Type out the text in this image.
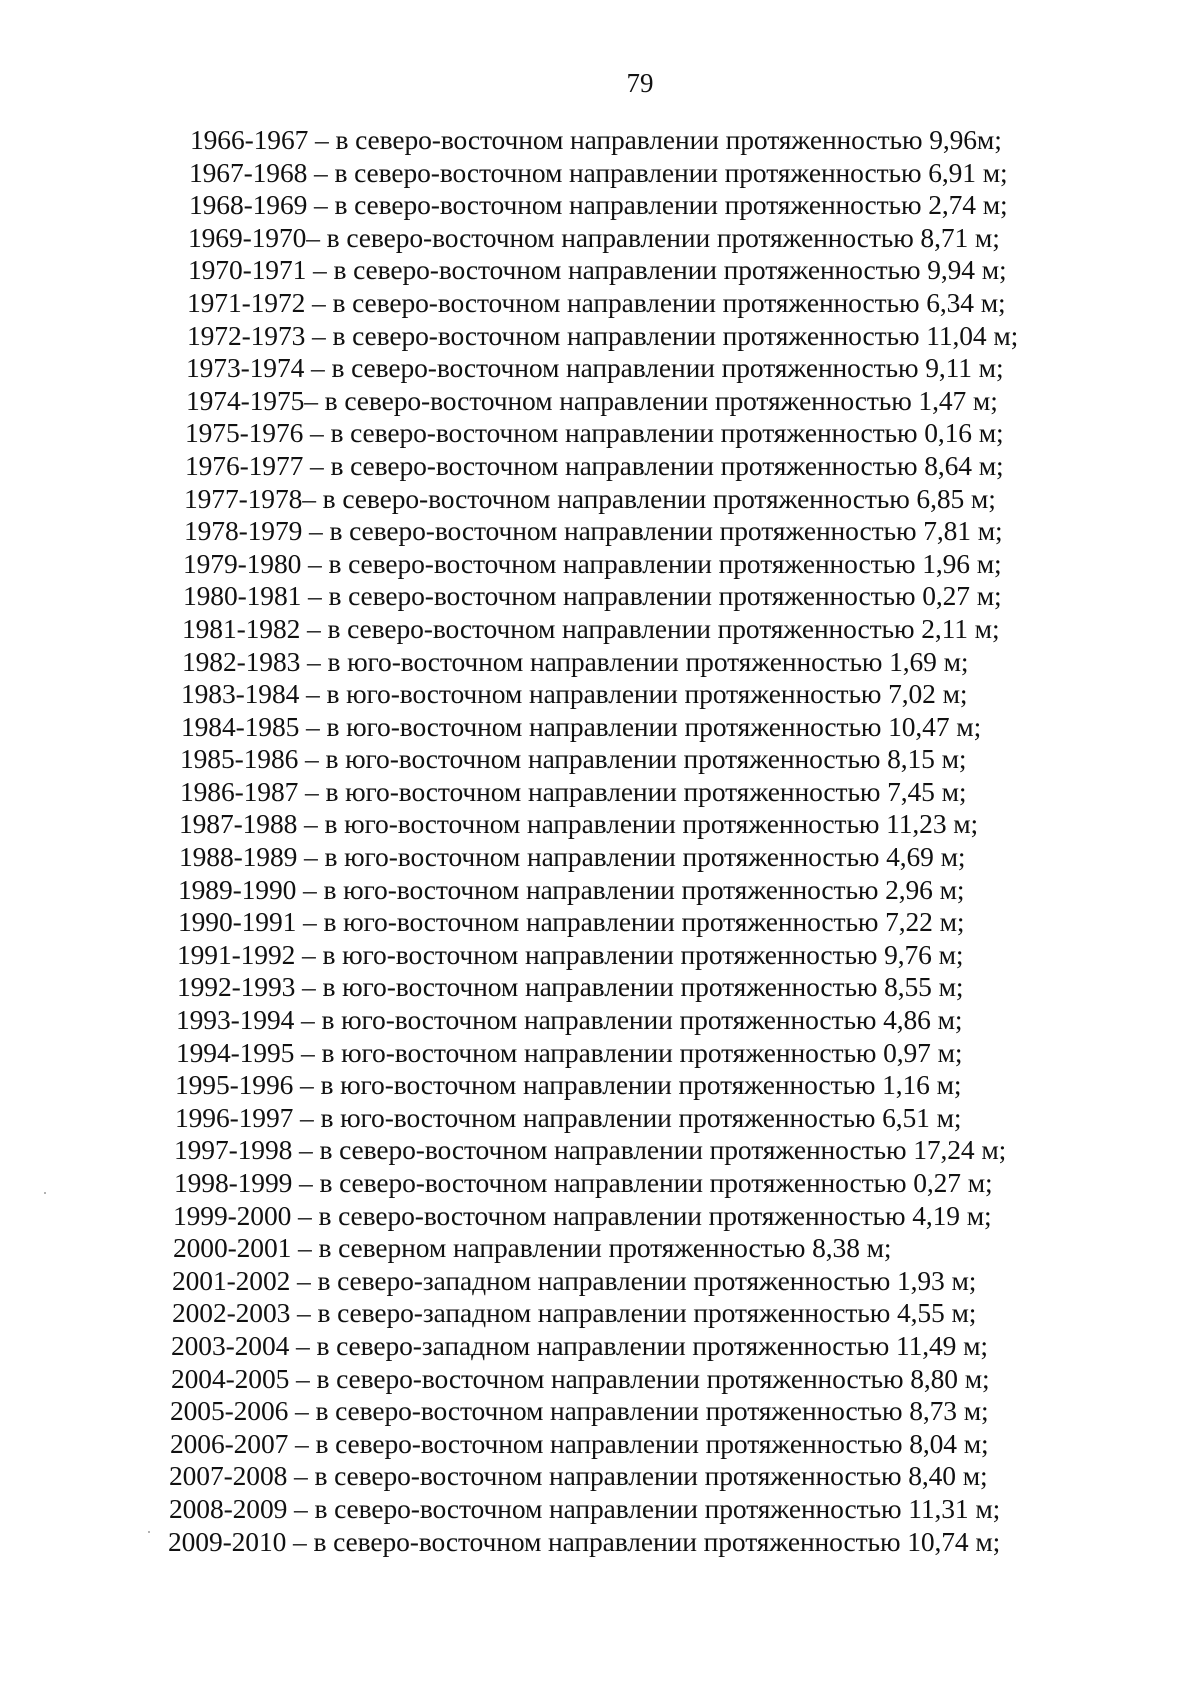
79
1966-1967 – в северо-восточном направлении протяженностью 9,96м;
1967-1968 – в северо-восточном направлении протяженностью 6,91 м;
1968-1969 – в северо-восточном направлении протяженностью 2,74 м;
1969-1970– в северо-восточном направлении протяженностью 8,71 м;
1970-1971 – в северо-восточном направлении протяженностью 9,94 м;
1971-1972 – в северо-восточном направлении протяженностью 6,34 м;
1972-1973 – в северо-восточном направлении протяженностью 11,04 м;
1973-1974 – в северо-восточном направлении протяженностью 9,11 м;
1974-1975– в северо-восточном направлении протяженностью 1,47 м;
1975-1976 – в северо-восточном направлении протяженностью 0,16 м;
1976-1977 – в северо-восточном направлении протяженностью 8,64 м;
1977-1978– в северо-восточном направлении протяженностью 6,85 м;
1978-1979 – в северо-восточном направлении протяженностью 7,81 м;
1979-1980 – в северо-восточном направлении протяженностью 1,96 м;
1980-1981 – в северо-восточном направлении протяженностью 0,27 м;
1981-1982 – в северо-восточном направлении протяженностью 2,11 м;
1982-1983 – в юго-восточном направлении протяженностью 1,69 м;
1983-1984 – в юго-восточном направлении протяженностью 7,02 м;
1984-1985 – в юго-восточном направлении протяженностью 10,47 м;
1985-1986 – в юго-восточном направлении протяженностью 8,15 м;
1986-1987 – в юго-восточном направлении протяженностью 7,45 м;
1987-1988 – в юго-восточном направлении протяженностью 11,23 м;
1988-1989 – в юго-восточном направлении протяженностью 4,69 м;
1989-1990 – в юго-восточном направлении протяженностью 2,96 м;
1990-1991 – в юго-восточном направлении протяженностью 7,22 м;
1991-1992 – в юго-восточном направлении протяженностью 9,76 м;
1992-1993 – в юго-восточном направлении протяженностью 8,55 м;
1993-1994 – в юго-восточном направлении протяженностью 4,86 м;
1994-1995 – в юго-восточном направлении протяженностью 0,97 м;
1995-1996 – в юго-восточном направлении протяженностью 1,16 м;
1996-1997 – в юго-восточном направлении протяженностью 6,51 м;
1997-1998 – в северо-восточном направлении протяженностью 17,24 м;
1998-1999 – в северо-восточном направлении протяженностью 0,27 м;
1999-2000 – в северо-восточном направлении протяженностью 4,19 м;
2000-2001 – в северном направлении протяженностью 8,38 м;
2001-2002 – в северо-западном направлении протяженностью 1,93 м;
2002-2003 – в северо-западном направлении протяженностью 4,55 м;
2003-2004 – в северо-западном направлении протяженностью 11,49 м;
2004-2005 – в северо-восточном направлении протяженностью 8,80 м;
2005-2006 – в северо-восточном направлении протяженностью 8,73 м;
2006-2007 – в северо-восточном направлении протяженностью 8,04 м;
2007-2008 – в северо-восточном направлении протяженностью 8,40 м;
2008-2009 – в северо-восточном направлении протяженностью 11,31 м;
2009-2010 – в северо-восточном направлении протяженностью 10,74 м;
